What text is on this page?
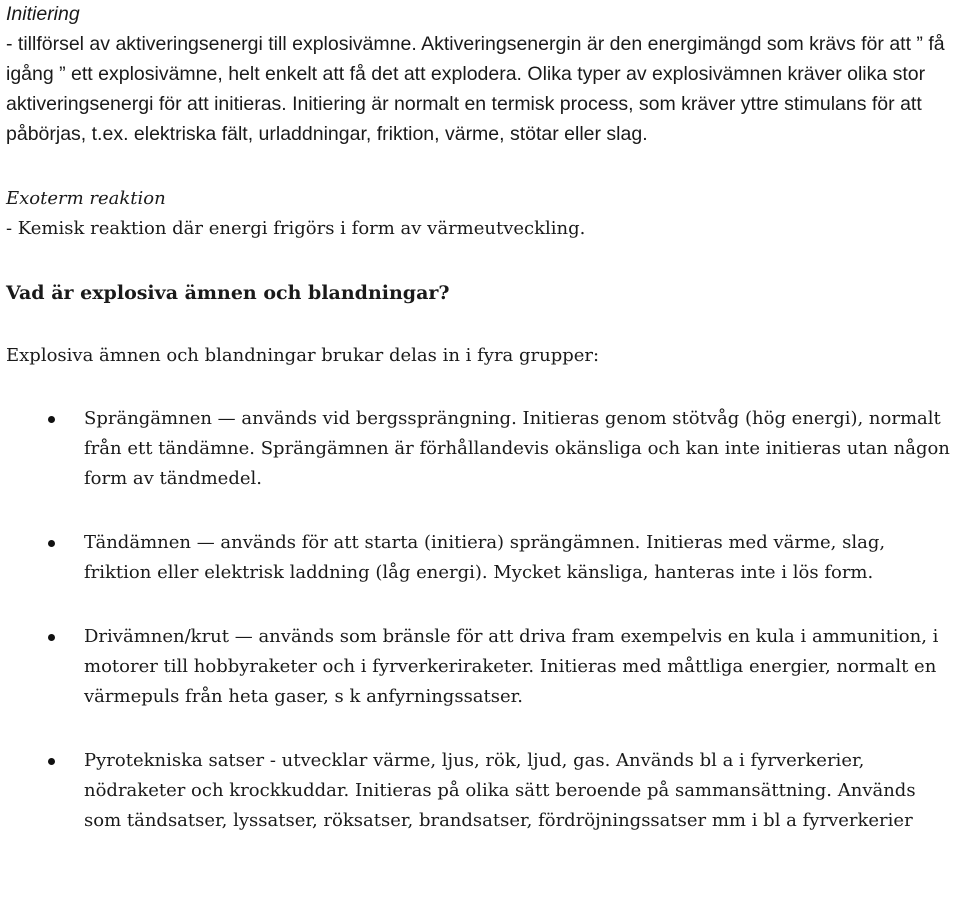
Initiering

- tillförsel av aktiveringsenergi till explosivämne. Aktiveringsenergin är den energimängd som krävs för att ” få igång ” ett explosivämne, helt enkelt att få det att explodera. Olika typer av explosivämnen kräver olika stor aktiveringsenergi för att initieras. Initiering är normalt en termisk process, som kräver yttre stimulans för att påbörjas, t.ex. elektriska fält, urladdningar, friktion, värme, stötar eller slag.

Exoterm reaktion

- Kemisk reaktion där energi frigörs i form av värmeutveckling.

Vad är explosiva ämnen och blandningar?

Explosiva ämnen och blandningar brukar delas in i fyra grupper:

Sprängämnen — används vid bergssprängning. Initieras genom stötvåg (hög energi), normalt från ett tändämne. Sprängämnen är förhållandevis okänsliga och kan inte initieras utan någon form av tändmedel.
Tändämnen — används för att starta (initiera) sprängämnen. Initieras med värme, slag, friktion eller elektrisk laddning (låg energi). Mycket känsliga, hanteras inte i lös form.
Drivämnen/krut — används som bränsle för att driva fram exempelvis en kula i ammunition, i motorer till hobbyraketer och i fyrverkeriraketer. Initieras med måttliga energier, normalt en värmepuls från heta gaser, s k anfyrningssatser.
Pyrotekniska satser - utvecklar värme, ljus, rök, ljud, gas. Används bl a i fyrverkerier, nödraketer och krockkuddar. Initieras på olika sätt beroende på sammansättning. Används som tändsatser, lyssatser, röksatser, brandsatser, fördröjningssatser mm i bl a fyrverkerier
